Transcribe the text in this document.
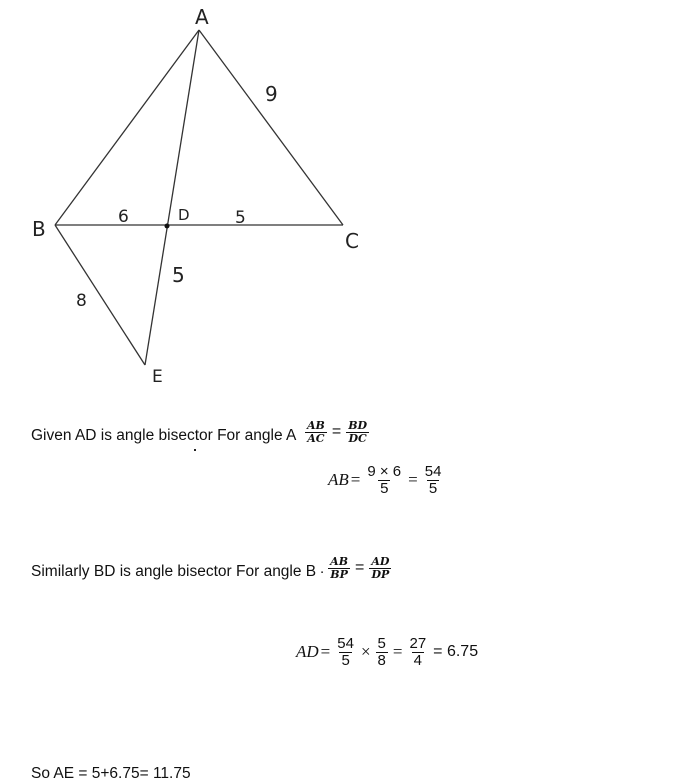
A
B	C
D
E
9
6	5
5
8
Given AD is angle bisector For angle A $\frac{AB}{AC} = \frac{BD}{DC}$
AB = $\frac{9 \times 6}{5} = \frac{54}{5}$
Similarly BD is angle bisector For angle B . $\frac{AB}{BP} = \frac{AD}{DP}$
AD = $\frac{54}{5} \times \frac{5}{8} = \frac{27}{4} = 6.75$
So AE = 5+6.75= 11.75
